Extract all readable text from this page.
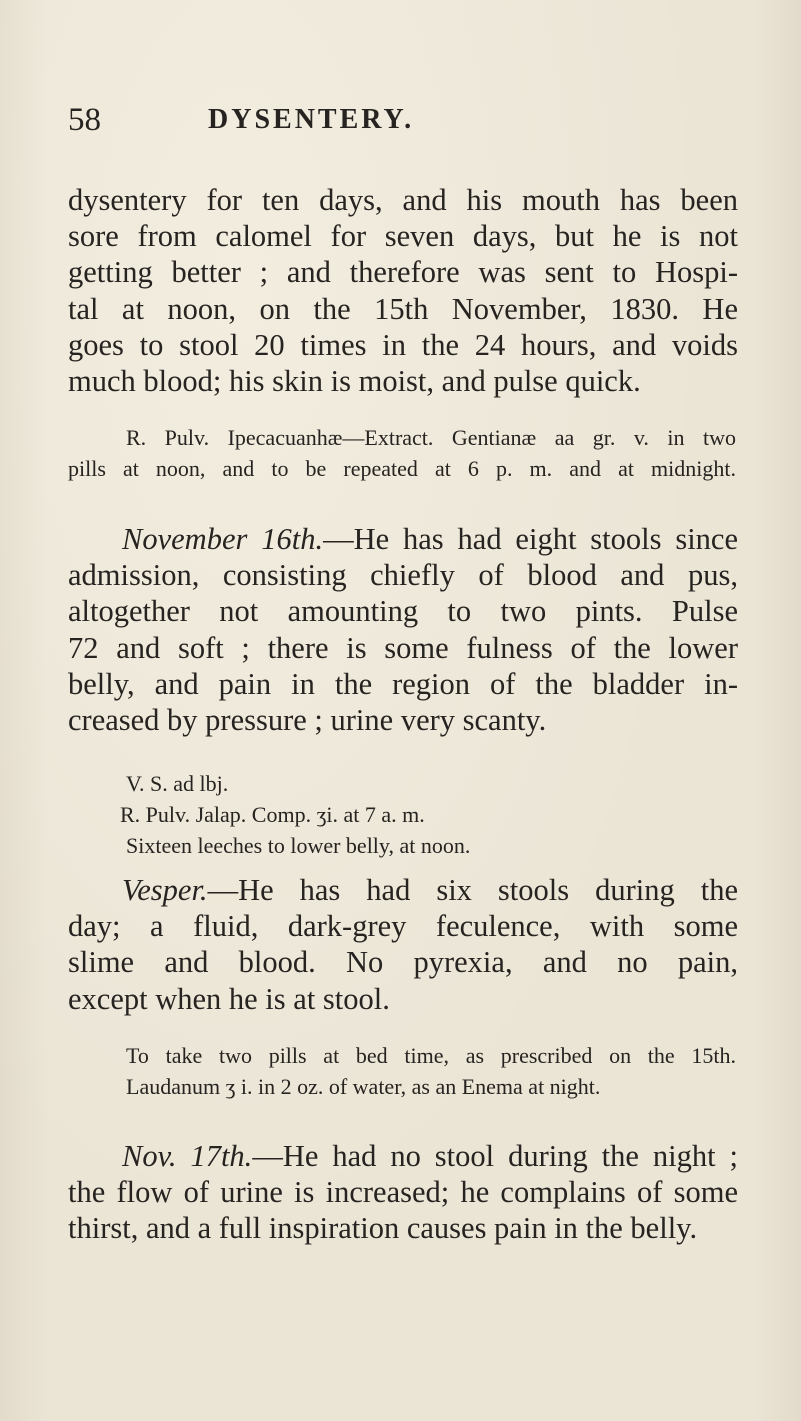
58	DYSENTERY.

dysentery for ten days, and his mouth has been
sore from calomel for seven days, but he is not
getting better ; and therefore was sent to Hospi-
tal at noon, on the 15th November, 1830. He
goes to stool 20 times in the 24 hours, and voids
much blood; his skin is moist, and pulse quick.

R. Pulv. Ipecacuanhæ—Extract. Gentianæ aa gr. v. in two
pills at noon, and to be repeated at 6 p. m. and at midnight.

November 16th.—He has had eight stools since
admission, consisting chiefly of blood and pus,
altogether not amounting to two pints. Pulse
72 and soft ; there is some fulness of the lower
belly, and pain in the region of the bladder in-
creased by pressure ; urine very scanty.

V. S. ad lbj.
R. Pulv. Jalap. Comp. ʒi. at 7 a. m.
Sixteen leeches to lower belly, at noon.

Vesper.—He has had six stools during the
day; a fluid, dark-grey feculence, with some
slime and blood. No pyrexia, and no pain,
except when he is at stool.

To take two pills at bed time, as prescribed on the 15th.
Laudanum ʒ i. in 2 oz. of water, as an Enema at night.

Nov. 17th.—He had no stool during the night ;
the flow of urine is increased; he complains of some
thirst, and a full inspiration causes pain in the belly.
